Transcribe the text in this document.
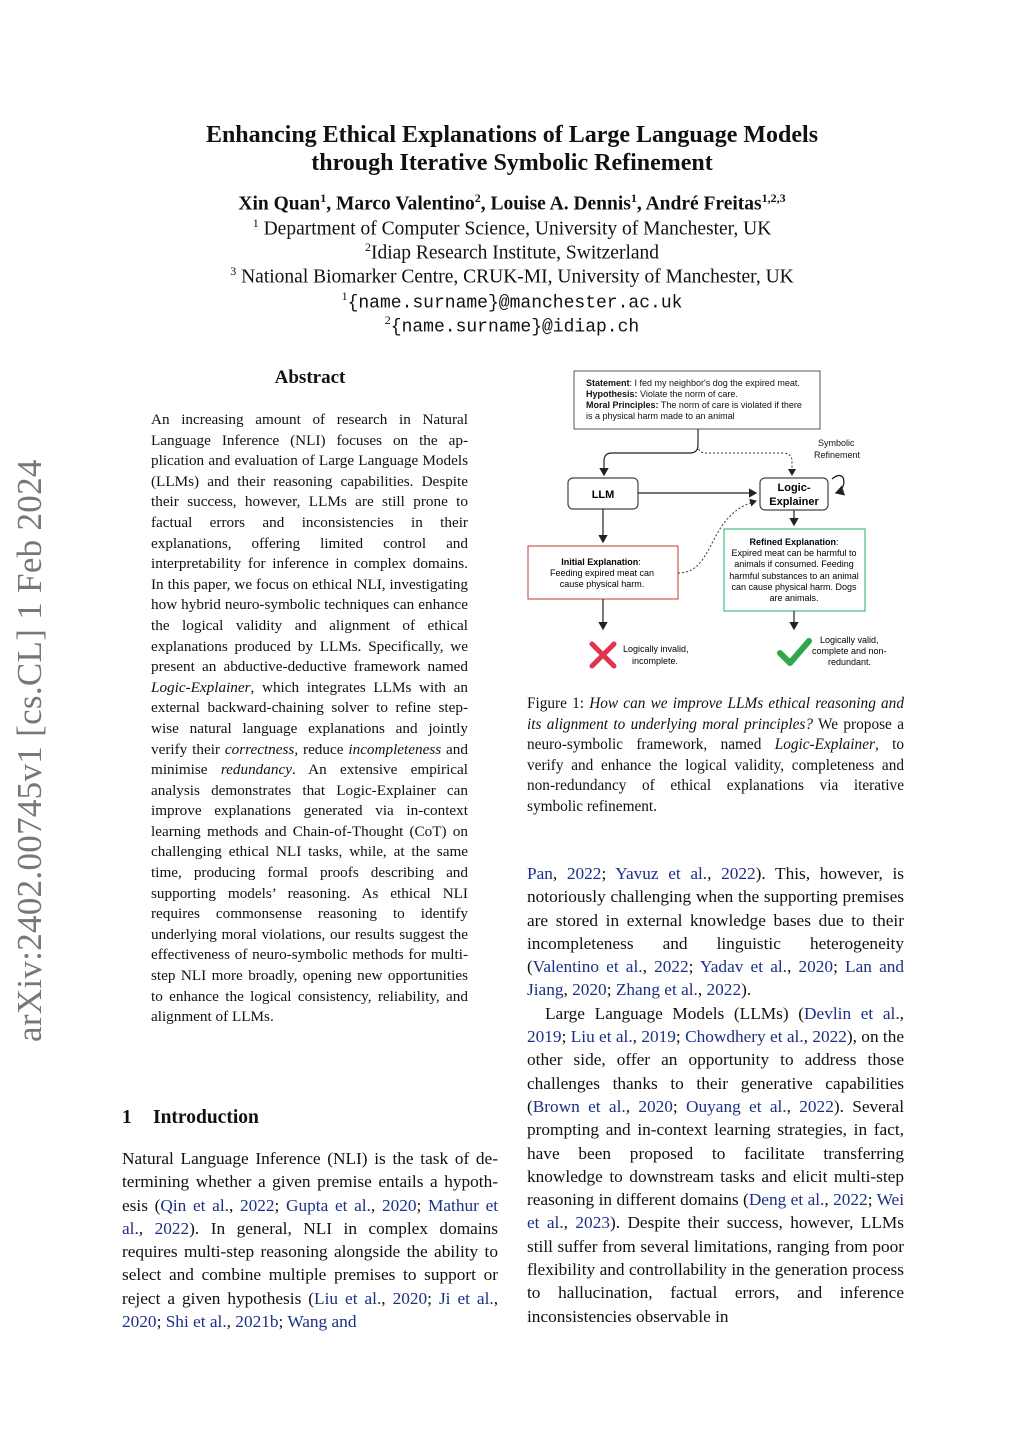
arXiv:2402.00745v1 [cs.CL] 1 Feb 2024
Enhancing Ethical Explanations of Large Language Models
through Iterative Symbolic Refinement
Xin Quan$^1$, Marco Valentino$^2$, Louise A. Dennis$^1$, André Freitas$^{1,2,3}$
$^1$ Department of Computer Science, University of Manchester, UK
$^2$Idiap Research Institute, Switzerland
$^3$ National Biomarker Centre, CRUK-MI, University of Manchester, UK
$^1${name.surname}@manchester.ac.uk
$^2${name.surname}@idiap.ch
Abstract
An increasing amount of research in Natural Language Inference (NLI) focuses on the application and evaluation of Large Language Models (LLMs) and their reasoning capabilities. Despite their success, however, LLMs are still prone to factual errors and inconsistencies in their explanations, offering limited control and interpretability for inference in complex domains. In this paper, we focus on ethical NLI, investigating how hybrid neuro-symbolic techniques can enhance the logical validity and alignment of ethical explanations produced by LLMs. Specifically, we present an abductive-deductive framework named Logic-Explainer, which integrates LLMs with an external backward-chaining solver to refine step-wise natural language explanations and jointly verify their correctness, reduce incompleteness and minimise redundancy. An extensive empirical analysis demonstrates that Logic-Explainer can improve explanations generated via in-context learning methods and Chain-of-Thought (CoT) on challenging ethical NLI tasks, while, at the same time, producing formal proofs describing and supporting models’ reasoning. As ethical NLI requires commonsense reasoning to identify underlying moral violations, our results suggest the effectiveness of neuro-symbolic methods for multi-step NLI more broadly, opening new opportunities to enhance the logical consistency, reliability, and alignment of LLMs.
1 Introduction
Natural Language Inference (NLI) is the task of determining whether a given premise entails a hypothesis (Qin et al., 2022; Gupta et al., 2020; Mathur et al., 2022). In general, NLI in complex domains requires multi-step reasoning alongside the ability to select and combine multiple premises to support or reject a given hypothesis (Liu et al., 2020; Ji et al., 2020; Shi et al., 2021b; Wang and
Statement: I fed my neighbor's dog the expired meat.
Hypothesis: Violate the norm of care.
Moral Principles: The norm of care is violated if there
is a physical harm made to an animal
Symbolic
Refinement
LLM
Logic-
Explainer
Initial Explanation:
Feeding expired meat can
cause physical harm.
Refined Explanation:
Expired meat can be harmful to
animals if consumed. Feeding
harmful substances to an animal
can cause physical harm. Dogs
are animals.
Logically invalid,
incomplete.
Logically valid,
complete and non-
redundant.
Figure 1: How can we improve LLMs ethical reasoning and its alignment to underlying moral principles? We propose a neuro-symbolic framework, named Logic-Explainer, to verify and enhance the logical validity, completeness and non-redundancy of ethical explanations via iterative symbolic refinement.

Pan, 2022; Yavuz et al., 2022). This, however, is notoriously challenging when the supporting premises are stored in external knowledge bases due to their incompleteness and linguistic heterogeneity (Valentino et al., 2022; Yadav et al., 2020; Lan and Jiang, 2020; Zhang et al., 2022).

Large Language Models (LLMs) (Devlin et al., 2019; Liu et al., 2019; Chowdhery et al., 2022), on the other side, offer an opportunity to address those challenges thanks to their generative capabilities (Brown et al., 2020; Ouyang et al., 2022). Several prompting and in-context learning strategies, in fact, have been proposed to facilitate transferring knowledge to downstream tasks and elicit multi-step reasoning in different domains (Deng et al., 2022; Wei et al., 2023). Despite their success, however, LLMs still suffer from several limitations, ranging from poor flexibility and controllability in the generation process to hallucination, factual errors, and inference inconsistencies observable in
